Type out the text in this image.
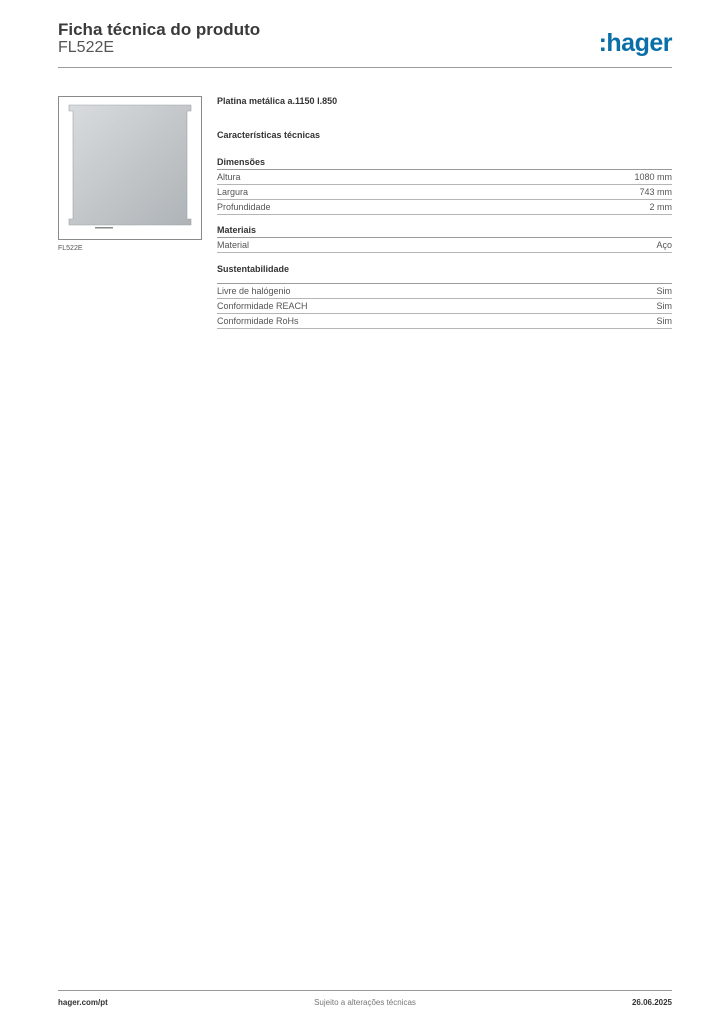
Ficha técnica do produto
FL522E	:hager
FL522E
Platina metálica a.1150 l.850
Características técnicas
Dimensões
Altura	1080 mm
Largura	743 mm
Profundidade	2 mm
Materiais
Material	Aço
Sustentabilidade
Livre de halógenio	Sim
Conformidade REACH	Sim
Conformidade RoHs	Sim
hager.com/pt	Sujeito a alterações técnicas	26.06.2025
